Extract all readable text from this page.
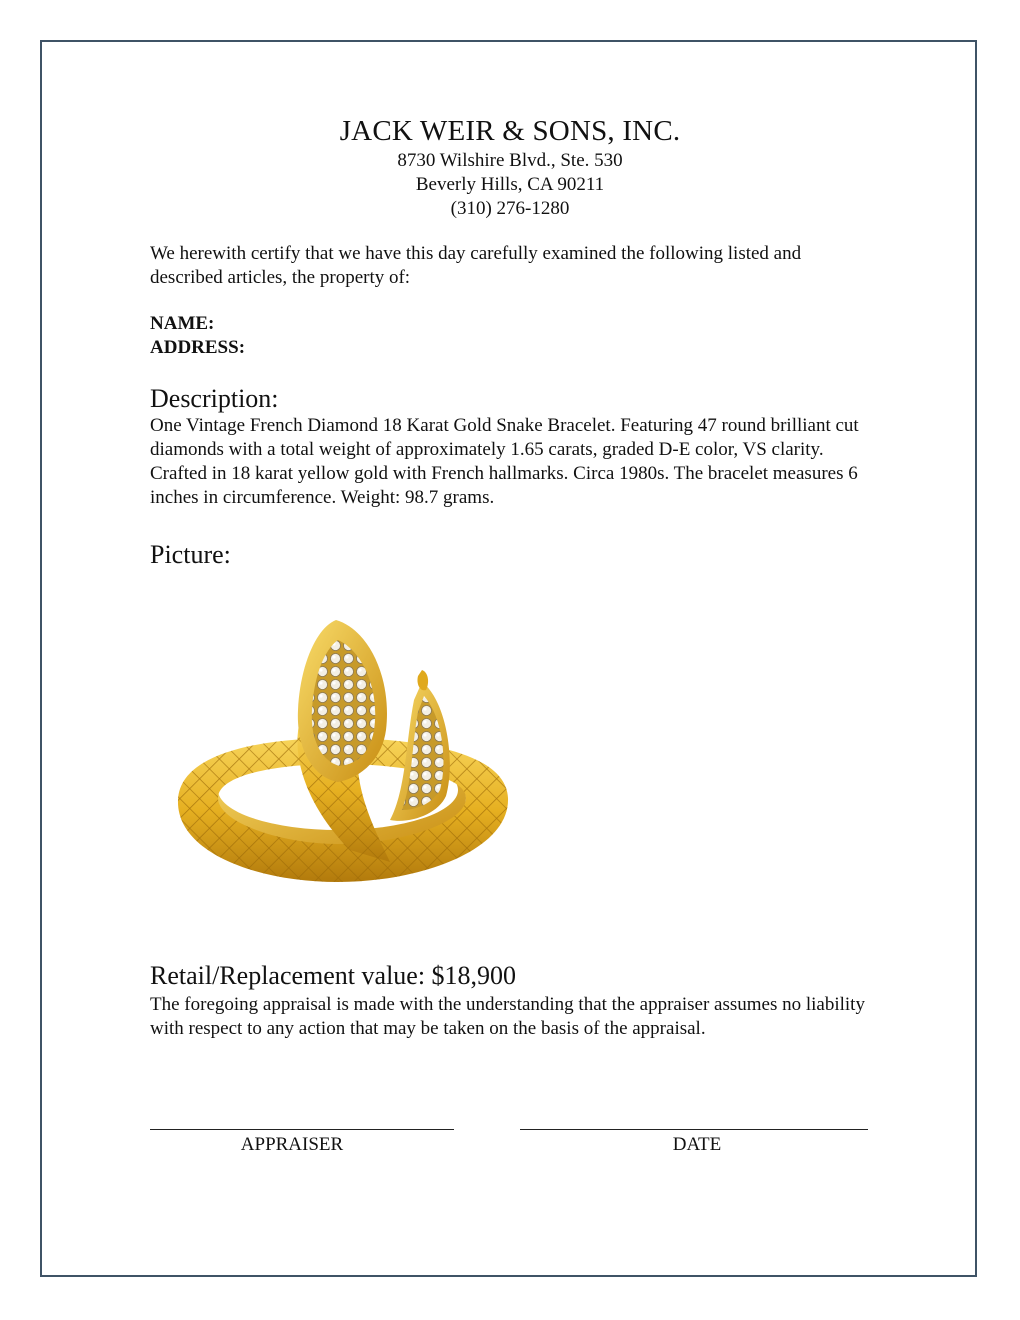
JACK WEIR & SONS, INC.
8730 Wilshire Blvd., Ste. 530
Beverly Hills, CA 90211
(310) 276-1280
We herewith certify that we have this day carefully examined the following listed and described articles, the property of:
NAME:
ADDRESS:
Description:
One Vintage French Diamond 18 Karat Gold Snake Bracelet. Featuring 47 round brilliant cut diamonds with a total weight of approximately 1.65 carats, graded D-E color, VS clarity. Crafted in 18 karat yellow gold with French hallmarks. Circa 1980s. The bracelet measures 6 inches in circumference. Weight: 98.7 grams.
Picture:
Retail/Replacement value: $18,900
The foregoing appraisal is made with the understanding that the appraiser assumes no liability with respect to any action that may be taken on the basis of the appraisal.
APPRAISER	DATE
